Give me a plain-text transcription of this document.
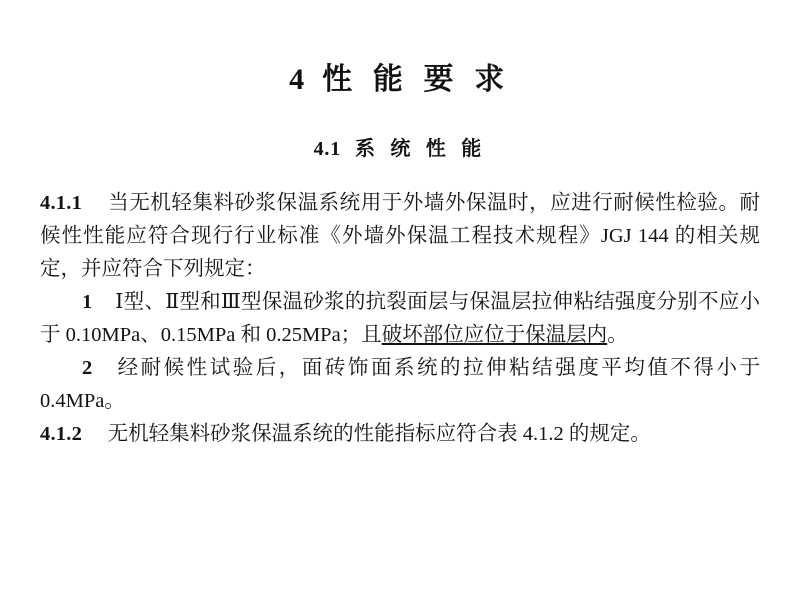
4 性 能 要 求
4.1 系 统 性 能

4.1.1 当无机轻集料砂浆保温系统用于外墙外保温时，应进行耐候性检验。耐候性性能应符合现行行业标准《外墙外保温工程技术规程》JGJ 144 的相关规定，并应符合下列规定：

1 Ⅰ型、Ⅱ型和Ⅲ型保温砂浆的抗裂面层与保温层拉伸粘结强度分别不应小于 0.10MPa、0.15MPa 和 0.25MPa；且破坏部位应位于保温层内。

2 经耐候性试验后，面砖饰面系统的拉伸粘结强度平均值不得小于 0.4MPa。

4.1.2 无机轻集料砂浆保温系统的性能指标应符合表 4.1.2 的规定。
